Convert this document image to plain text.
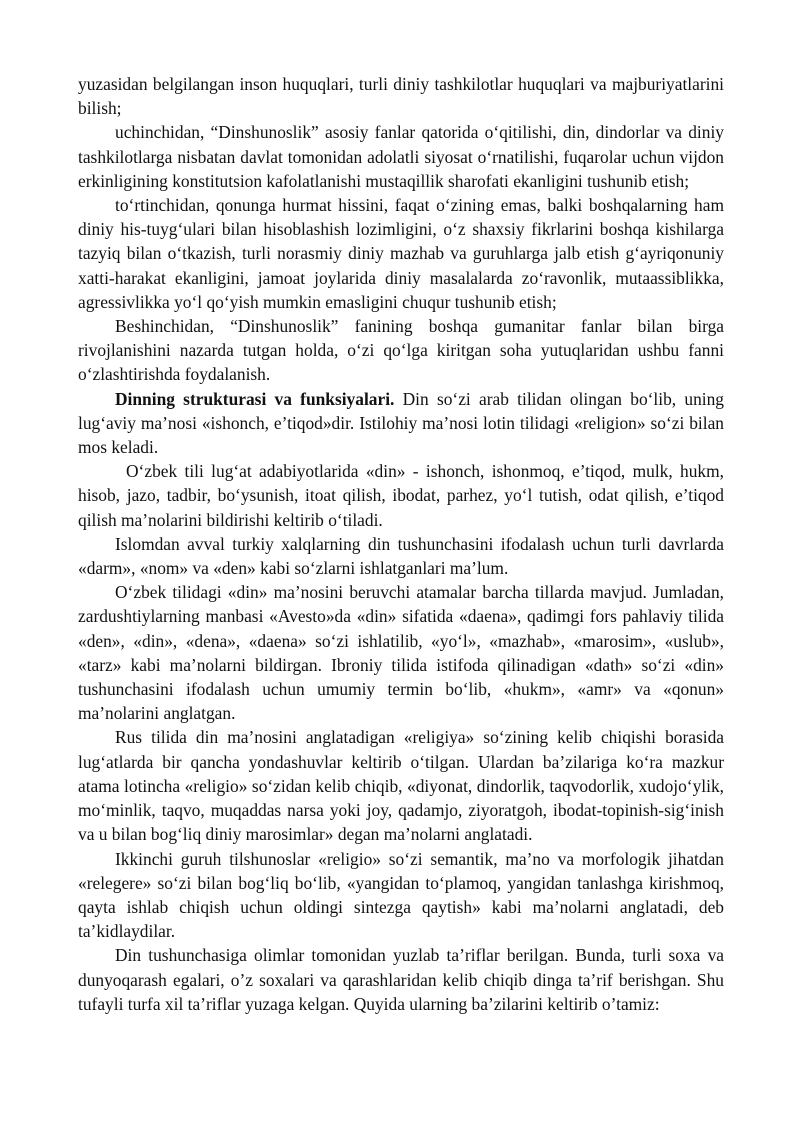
yuzasidan belgilangan inson huquqlari, turli diniy tashkilotlar huquqlari va majburiyatlarini bilish;

uchinchidan, “Dinshunoslik” asosiy fanlar qatorida o‘qitilishi, din, dindorlar va diniy tashkilotlarga nisbatan davlat tomonidan adolatli siyosat o‘rnatilishi, fuqarolar uchun vijdon erkinligining konstitutsion kafolatlanishi mustaqillik sharofati ekanligini tushunib etish;

to‘rtinchidan, qonunga hurmat hissini, faqat o‘zining emas, balki boshqalarning ham diniy his-tuyg‘ulari bilan hisoblashish lozimligini, o‘z shaxsiy fikrlarini boshqa kishilarga tazyiq bilan o‘tkazish, turli norasmiy diniy mazhab va guruhlarga jalb etish g‘ayriqonuniy xatti-harakat ekanligini, jamoat joylarida diniy masalalarda zo‘ravonlik, mutaassiblikka, agressivlikka yo‘l qo‘yish mumkin emasligini chuqur tushunib etish;

Beshinchidan, “Dinshunoslik” fanining boshqa gumanitar fanlar bilan birga rivojlanishini nazarda tutgan holda, o‘zi qo‘lga kiritgan soha yutuqlaridan ushbu fanni o‘zlashtirishda foydalanish.

Dinning strukturasi va funksiyalari. Din so‘zi arab tilidan olingan bo‘lib, uning lug‘aviy ma’nosi «ishonch, e’tiqod»dir. Istilohiy ma’nosi lotin tilidagi «religion» so‘zi bilan mos keladi.

O‘zbek tili lug‘at adabiyotlarida «din» - ishonch, ishonmoq, e’tiqod, mulk, hukm, hisob, jazo, tadbir, bo‘ysunish, itoat qilish, ibodat, parhez, yo‘l tutish, odat qilish, e’tiqod qilish ma’nolarini bildirishi keltirib o‘tiladi.

Islomdan avval turkiy xalqlarning din tushunchasini ifodalash uchun turli davrlarda «darm», «nom» va «den» kabi so‘zlarni ishlatganlari ma’lum.

O‘zbek tilidagi «din» ma’nosini beruvchi atamalar barcha tillarda mavjud. Jumladan, zardushtiylarning manbasi «Avesto»da «din» sifatida «daena», qadimgi fors pahlaviy tilida «den», «din», «dena», «daena» so‘zi ishlatilib, «yo‘l», «mazhab», «marosim», «uslub», «tarz» kabi ma’nolarni bildirgan. Ibroniy tilida istifoda qilinadigan «dath» so‘zi «din» tushunchasini ifodalash uchun umumiy termin bo‘lib, «hukm», «amr» va «qonun» ma’nolarini anglatgan.

Rus tilida din ma’nosini anglatadigan «religiya» so‘zining kelib chiqishi borasida lug‘atlarda bir qancha yondashuvlar keltirib o‘tilgan. Ulardan ba’zilariga ko‘ra mazkur atama lotincha «religio» so‘zidan kelib chiqib, «diyonat, dindorlik, taqvodorlik, xudojo‘ylik, mo‘minlik, taqvo, muqaddas narsa yoki joy, qadamjo, ziyoratgoh, ibodat-topinish-sig‘inish va u bilan bog‘liq diniy marosimlar» degan ma’nolarni anglatadi.

Ikkinchi guruh tilshunoslar «religio» so‘zi semantik, ma’no va morfologik jihatdan «relegere» so‘zi bilan bog‘liq bo‘lib, «yangidan to‘plamoq, yangidan tanlashga kirishmoq, qayta ishlab chiqish uchun oldingi sintezga qaytish» kabi ma’nolarni anglatadi, deb ta’kidlaydilar.

Din tushunchasiga olimlar tomonidan yuzlab ta’riflar berilgan. Bunda, turli soxa va dunyoqarash egalari, o’z soxalari va qarashlaridan kelib chiqib dinga ta’rif berishgan. Shu tufayli turfa xil ta’riflar yuzaga kelgan. Quyida ularning ba’zilarini keltirib o’tamiz:
